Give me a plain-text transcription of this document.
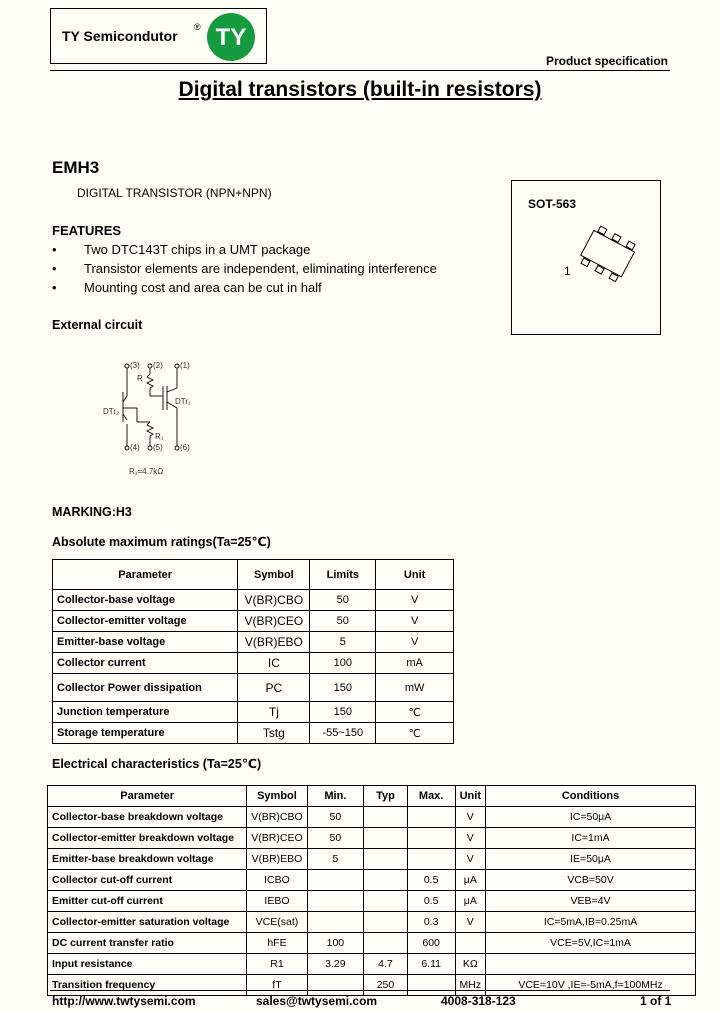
TY Semicondutor
® TY
Product specification
Digital transistors (built-in resistors)
EMH3
DIGITAL TRANSISTOR (NPN+NPN)
SOT-563
1
FEATURES
• Two DTC143T chips in a UMT package
• Transistor elements are independent, eliminating interference
• Mounting cost and area can be cut in half
External circuit
(3) (2) (1)
(4) (5) (6)
R
R₁
DTr₁
DTr₂
R₁=4.7kΩ
MARKING:H3
Absolute maximum ratings(Ta=25℃)
Parameter	Symbol	Limits	Unit
Collector-base voltage	V(BR)CBO	50	V
Collector-emitter voltage	V(BR)CEO	50	V
Emitter-base voltage	V(BR)EBO	5	V
Collector current	IC	100	mA
Collector Power dissipation	PC	150	mW
Junction temperature	Tj	150	℃
Storage temperature	Tstg	-55~150	℃
Electrical characteristics (Ta=25℃)
Parameter	Symbol	Min.	Typ	Max.	Unit	Conditions
Collector-base breakdown voltage	V(BR)CBO	50			V	IC=50μA
Collector-emitter breakdown voltage	V(BR)CEO	50			V	IC=1mA
Emitter-base breakdown voltage	V(BR)EBO	5			V	IE=50μA
Collector cut-off current	ICBO			0.5	μA	VCB=50V
Emitter cut-off current	IEBO			0.5	μA	VEB=4V
Collector-emitter saturation voltage	VCE(sat)			0.3	V	IC=5mA,IB=0.25mA
DC current transfer ratio	hFE	100		600		VCE=5V,IC=1mA
Input resistance	R1	3.29	4.7	6.11	KΩ	
Transition frequency	fT		250		MHz	VCE=10V ,IE=-5mA,f=100MHz
http://www.twtysemi.com	sales@twtysemi.com	4008-318-123	1 of 1
